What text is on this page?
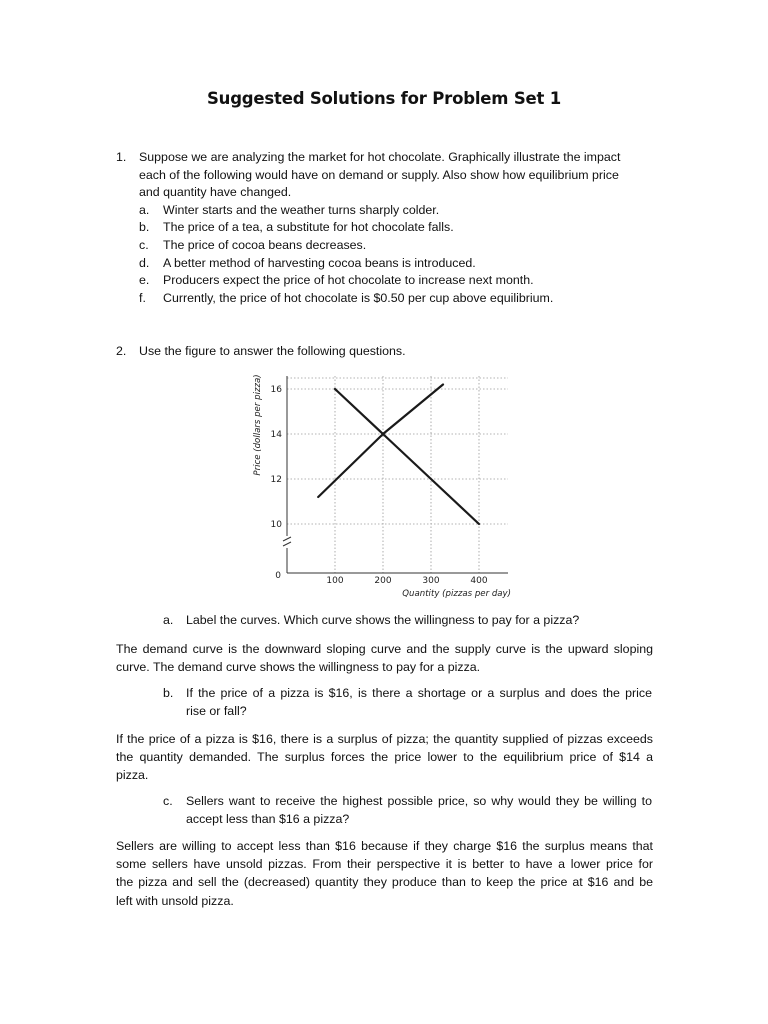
Suggested Solutions for Problem Set 1
1. Suppose we are analyzing the market for hot chocolate. Graphically illustrate the impact
each of the following would have on demand or supply. Also show how equilibrium price
and quantity have changed.
a. Winter starts and the weather turns sharply colder.
b. The price of a tea, a substitute for hot chocolate falls.
c. The price of cocoa beans decreases.
d. A better method of harvesting cocoa beans is introduced.
e. Producers expect the price of hot chocolate to increase next month.
f. Currently, the price of hot chocolate is $0.50 per cup above equilibrium.
2. Use the figure to answer the following questions.
10
12
14
16
100	200	300	400
0
Quantity (pizzas per day)
Price (dollars per pizza)
a. Label the curves. Which curve shows the willingness to pay for a pizza?
The demand curve is the downward sloping curve and the supply curve is the upward sloping
curve. The demand curve shows the willingness to pay for a pizza.
b. If the price of a pizza is $16, is there a shortage or a surplus and does the price
rise or fall?
If the price of a pizza is $16, there is a surplus of pizza; the quantity supplied of pizzas exceeds
the quantity demanded. The surplus forces the price lower to the equilibrium price of $14 a
pizza.
c. Sellers want to receive the highest possible price, so why would they be willing to
accept less than $16 a pizza?
Sellers are willing to accept less than $16 because if they charge $16 the surplus means that
some sellers have unsold pizzas. From their perspective it is better to have a lower price for
the pizza and sell the (decreased) quantity they produce than to keep the price at $16 and be
left with unsold pizza.
